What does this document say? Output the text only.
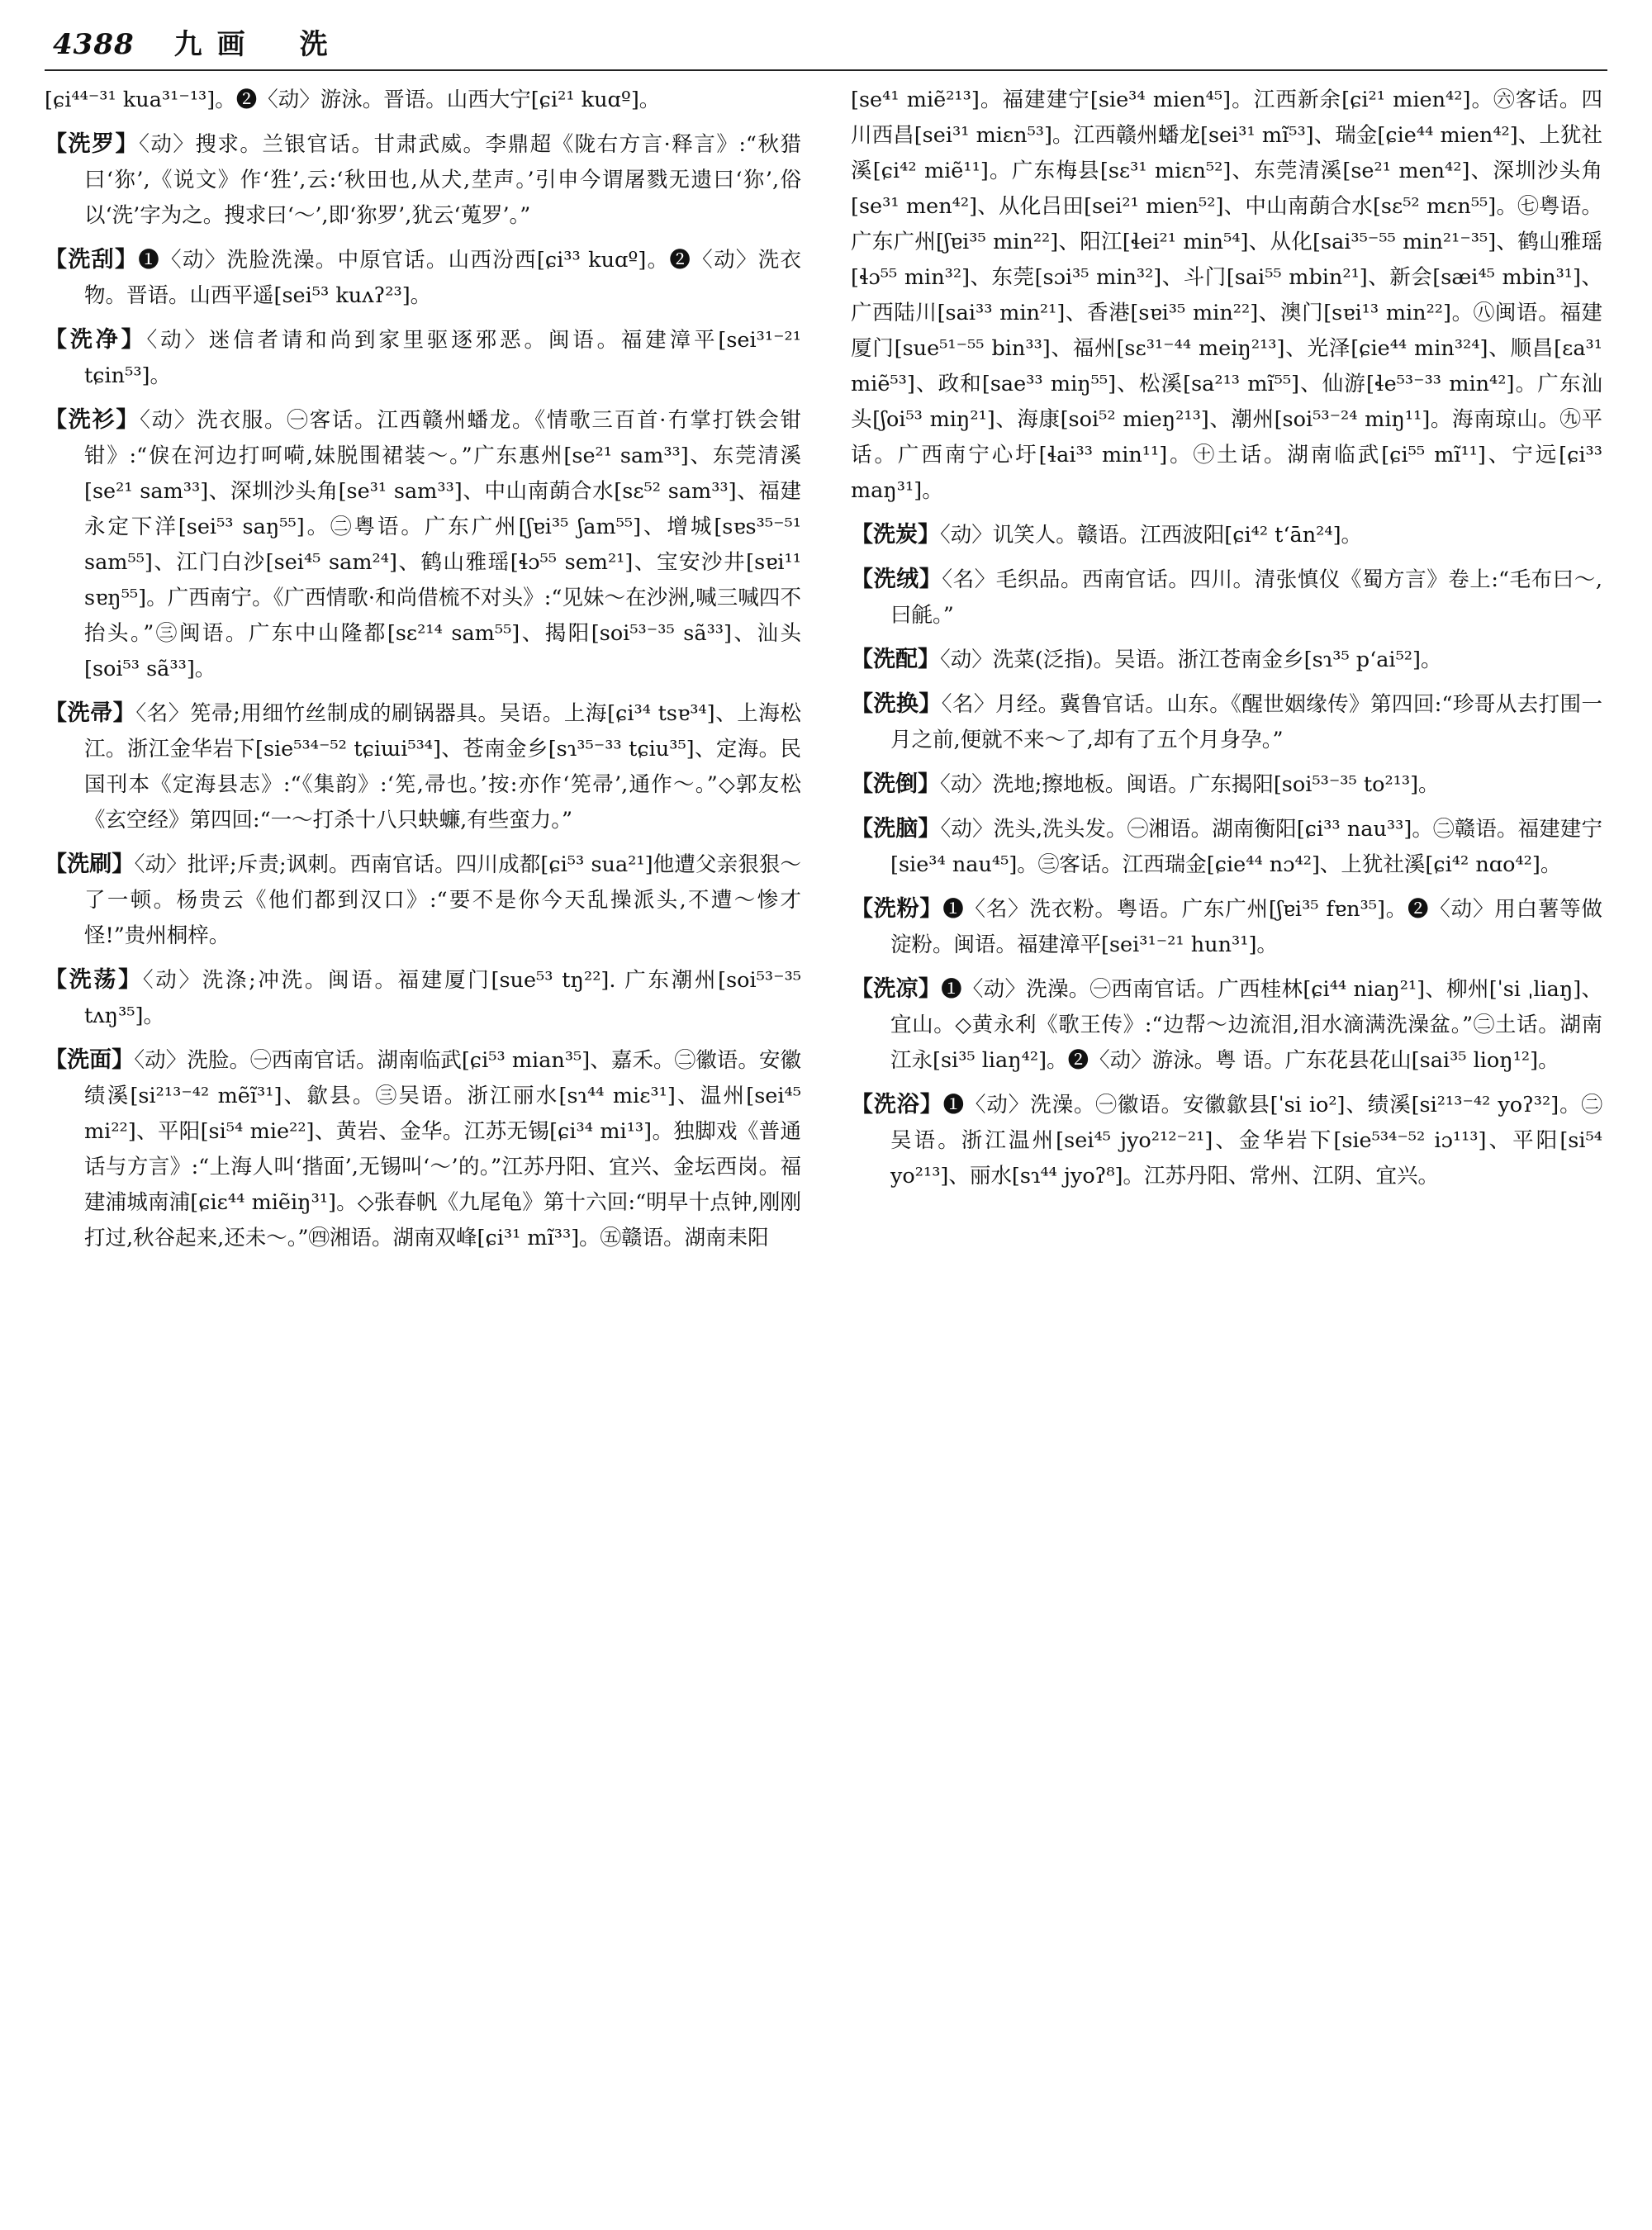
4388 九画 洗
[ɕi⁴⁴⁻³¹ kua³¹⁻¹³]。❷〈动〉游泳。晋语。山西大宁[ɕi²¹ kuɑº]。
【洗罗】〈动〉搜求。兰银官话。甘肃武威。李鼎超《陇右方言·释言》:“秋猎曰‘狝’,《说文》作‘狌’,云:‘秋田也,从犬,坓声。’引申今谓屠戮无遗曰‘狝’,俗以‘洗’字为之。搜求曰‘～’,即‘狝罗’,犹云‘蒐罗’。”
【洗刮】❶〈动〉洗脸洗澡。中原官话。山西汾西[ɕi³³ kuɑº]。❷〈动〉洗衣物。晋语。山西平遥[sei⁵³ kuʌʔ²³]。
【洗净】〈动〉迷信者请和尚到家里驱逐邪恶。闽语。福建漳平[sei³¹⁻²¹ tɕin⁵³]。
【洗衫】〈动〉洗衣服。㊀客话。江西赣州蟠龙。《情歌三百首·冇掌打铁会钳钳》:“㑦在河边打呵嗬,妹脱围裙装～。”广东惠州[se²¹ sam³³]、东莞清溪[se²¹ sam³³]、深圳沙头角[se³¹ sam³³]、中山南蓢合水[sɛ⁵² sam³³]、福建永定下洋[sei⁵³ saŋ⁵⁵]。㊁粤语。广东广州[ʃɐi³⁵ ʃam⁵⁵]、增城[sɐs³⁵⁻⁵¹ sam⁵⁵]、江门白沙[sei⁴⁵ sam²⁴]、鹤山雅瑶[ɬɔ⁵⁵ sem²¹]、宝安沙井[sɐi¹¹ sɐŋ⁵⁵]。广西南宁。《广西情歌·和尚借梳不对头》:“见妹～在沙洲,喊三喊四不抬头。”㊂闽语。广东中山隆都[sɛ²¹⁴ sam⁵⁵]、揭阳[soi⁵³⁻³⁵ sã³³]、汕头[soi⁵³ sã³³]。
【洗帚】〈名〉筅帚;用细竹丝制成的刷锅器具。吴语。上海[ɕi³⁴ tsɐ³⁴]、上海松江。浙江金华岩下[sie⁵³⁴⁻⁵² tɕiɯi⁵³⁴]、苍南金乡[sɿ³⁵⁻³³ tɕiu³⁵]、定海。民国刊本《定海县志》:“《集韵》:‘筅,帚也。’按:亦作‘筅帚’,通作～。”◇郭友松《玄空经》第四回:“一～打杀十八只蚗蠊,有些蛮力。”
【洗刷】〈动〉批评;斥责;讽刺。西南官话。四川成都[ɕi⁵³ sua²¹]他遭父亲狠狠～了一顿。杨贵云《他们都到汉口》:“要不是你今天乱操派头,不遭～惨才怪!”贵州桐梓。
【洗荡】〈动〉洗涤;冲洗。闽语。福建厦门[sue⁵³ tŋ²²]. 广东潮州[soi⁵³⁻³⁵ tʌŋ³⁵]。
【洗面】〈动〉洗脸。㊀西南官话。湖南临武[ɕi⁵³ mian³⁵]、嘉禾。㊁徽语。安徽绩溪[si²¹³⁻⁴² mẽĩ³¹]、歙县。㊂吴语。浙江丽水[sɿ⁴⁴ miɛ³¹]、温州[sei⁴⁵ mi²²]、平阳[si⁵⁴ mie²²]、黄岩、金华。江苏无锡[ɕi³⁴ mi¹³]。独脚戏《普通话与方言》:“上海人叫‘揩面’,无锡叫‘～’的。”江苏丹阳、宜兴、金坛西岗。福建浦城南浦[ɕiɛ⁴⁴ miẽiŋ³¹]。◇张春帆《九尾龟》第十六回:“明早十点钟,刚刚打过,秋谷起来,还未～。”㊃湘语。湖南双峰[ɕi³¹ mĩ³³]。㊄赣语。湖南耒阳
[se⁴¹ miẽ²¹³]。福建建宁[sie³⁴ mien⁴⁵]。江西新余[ɕi²¹ mien⁴²]。㊅客话。四川西昌[sei³¹ miɛn⁵³]。江西赣州蟠龙[sei³¹ mĩ⁵³]、瑞金[ɕie⁴⁴ mien⁴²]、上犹社溪[ɕi⁴² miẽ¹¹]。广东梅县[sɛ³¹ miɛn⁵²]、东莞清溪[se²¹ men⁴²]、深圳沙头角[se³¹ men⁴²]、从化吕田[sei²¹ mien⁵²]、中山南蓢合水[sɛ⁵² mɛn⁵⁵]。㊆粤语。广东广州[ʃɐi³⁵ min²²]、阳江[ɬei²¹ min⁵⁴]、从化[sai³⁵⁻⁵⁵ min²¹⁻³⁵]、鹤山雅瑶[ɬɔ⁵⁵ min³²]、东莞[sɔi³⁵ min³²]、斗门[sai⁵⁵ mbin²¹]、新会[sæi⁴⁵ mbin³¹]、广西陆川[sai³³ min²¹]、香港[sɐi³⁵ min²²]、澳门[sɐi¹³ min²²]。㊇闽语。福建厦门[sue⁵¹⁻⁵⁵ bin³³]、福州[sɛ³¹⁻⁴⁴ meiŋ²¹³]、光泽[ɕie⁴⁴ min³²⁴]、顺昌[ɛa³¹ miẽ⁵³]、政和[sae³³ miŋ⁵⁵]、松溪[sa²¹³ mĩ⁵⁵]、仙游[ɬe⁵³⁻³³ min⁴²]。广东汕头[ʃoi⁵³ miŋ²¹]、海康[soi⁵² mieŋ²¹³]、潮州[soi⁵³⁻²⁴ miŋ¹¹]。海南琼山。㊈平话。广西南宁心圩[ɬai³³ min¹¹]。㊉土话。湖南临武[ɕi⁵⁵ mĩ¹¹]、宁远[ɕi³³ maŋ³¹]。
【洗炭】〈动〉讥笑人。赣语。江西波阳[ɕi⁴² tʻān²⁴]。
【洗绒】〈名〉毛织品。西南官话。四川。清张慎仪《蜀方言》卷上:“毛布曰～,曰毹。”
【洗配】〈动〉洗菜(泛指)。吴语。浙江苍南金乡[sɿ³⁵ pʻai⁵²]。
【洗换】〈名〉月经。冀鲁官话。山东。《醒世姻缘传》第四回:“珍哥从去打围一月之前,便就不来～了,却有了五个月身孕。”
【洗倒】〈动〉洗地;擦地板。闽语。广东揭阳[soi⁵³⁻³⁵ to²¹³]。
【洗脑】〈动〉洗头,洗头发。㊀湘语。湖南衡阳[ɕi³³ nau³³]。㊁赣语。福建建宁[sie³⁴ nau⁴⁵]。㊂客话。江西瑞金[ɕie⁴⁴ nɔ⁴²]、上犹社溪[ɕi⁴² nɑo⁴²]。
【洗粉】❶〈名〉洗衣粉。粤语。广东广州[ʃɐi³⁵ fɐn³⁵]。❷〈动〉用白薯等做淀粉。闽语。福建漳平[sei³¹⁻²¹ hun³¹]。
【洗凉】❶〈动〉洗澡。㊀西南官话。广西桂林[ɕi⁴⁴ niaŋ²¹]、柳州[ˈsi ˌliaŋ]、宜山。◇黄永利《歌王传》:“边帮～边流泪,泪水滴满洗澡盆。”㊁土话。湖南江永[si³⁵ liaŋ⁴²]。❷〈动〉游泳。粤 语。广东花县花山[sai³⁵ lioŋ¹²]。
【洗浴】❶〈动〉洗澡。㊀徽语。安徽歙县[ˈsi io²]、绩溪[si²¹³⁻⁴² yoʔ³²]。㊁吴语。浙江温州[sei⁴⁵ jyo²¹²⁻²¹]、金华岩下[sie⁵³⁴⁻⁵² iɔ¹¹³]、平阳[si⁵⁴ yo²¹³]、丽水[sɿ⁴⁴ jyoʔ⁸]。江苏丹阳、常州、江阴、宜兴。
